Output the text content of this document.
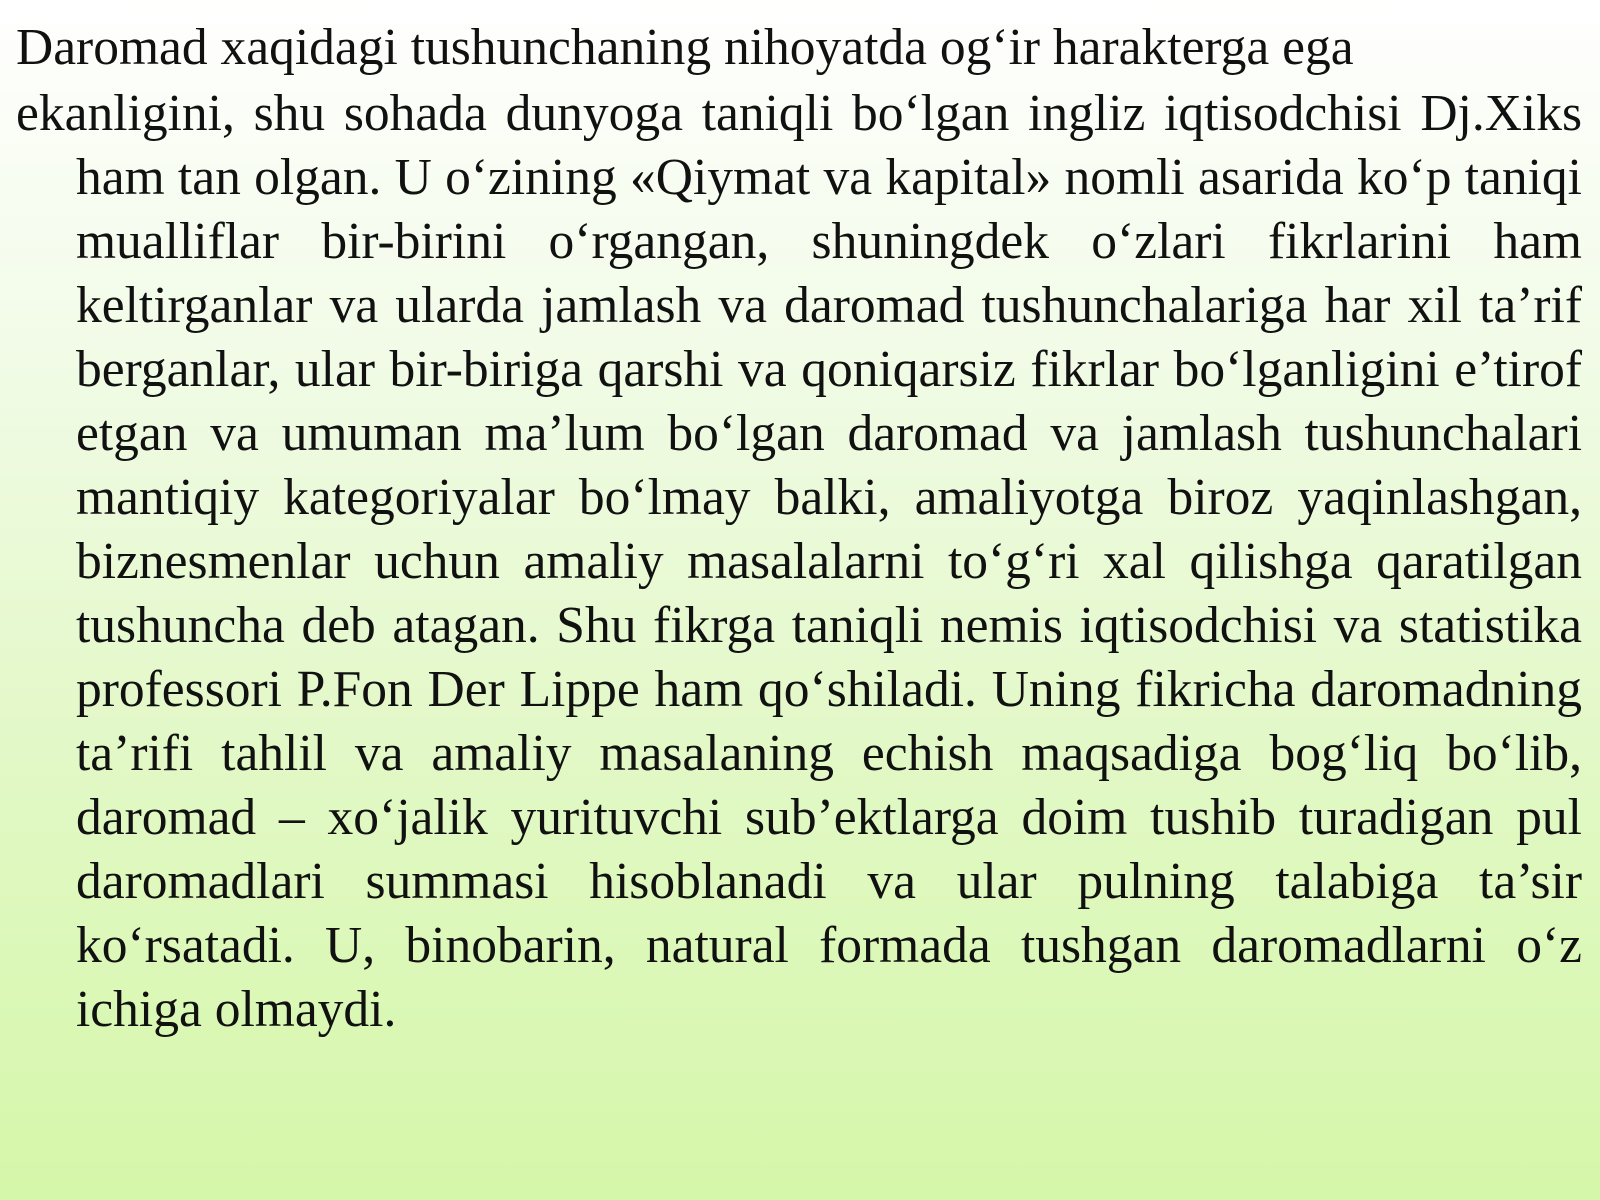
Daromad xaqidagi tushunchaning nihoyatda og‘ir harakterga ega

ekanligini, shu sohada dunyoga taniqli bo‘lgan ingliz iqtisodchisi Dj.Xiks ham tan olgan. U o‘zining «Qiymat va kapital» nomli asarida ko‘p taniqi mualliflar bir-birini o‘rgangan, shuningdek o‘zlari fikrlarini ham keltirganlar va ularda jamlash va daromad tushunchalariga har xil ta’rif berganlar, ular bir-biriga qarshi va qoniqarsiz fikrlar bo‘lganligini e’tirof etgan va umuman ma’lum bo‘lgan daromad va jamlash tushunchalari mantiqiy kategoriyalar bo‘lmay balki, amaliyotga biroz yaqinlashgan, biznesmenlar uchun amaliy masalalarni to‘g‘ri xal qilishga qaratilgan tushuncha deb atagan. Shu fikrga taniqli nemis iqtisodchisi va statistika professori P.Fon Der Lippe ham qo‘shiladi. Uning fikricha daromadning ta’rifi tahlil va amaliy masalaning echish maqsadiga bog‘liq bo‘lib, daromad – xo‘jalik yurituvchi sub’ektlarga doim tushib turadigan pul daromadlari summasi hisoblanadi va ular pulning talabiga ta’sir ko‘rsatadi. U, binobarin, natural formada tushgan daromadlarni o‘z ichiga olmaydi.
